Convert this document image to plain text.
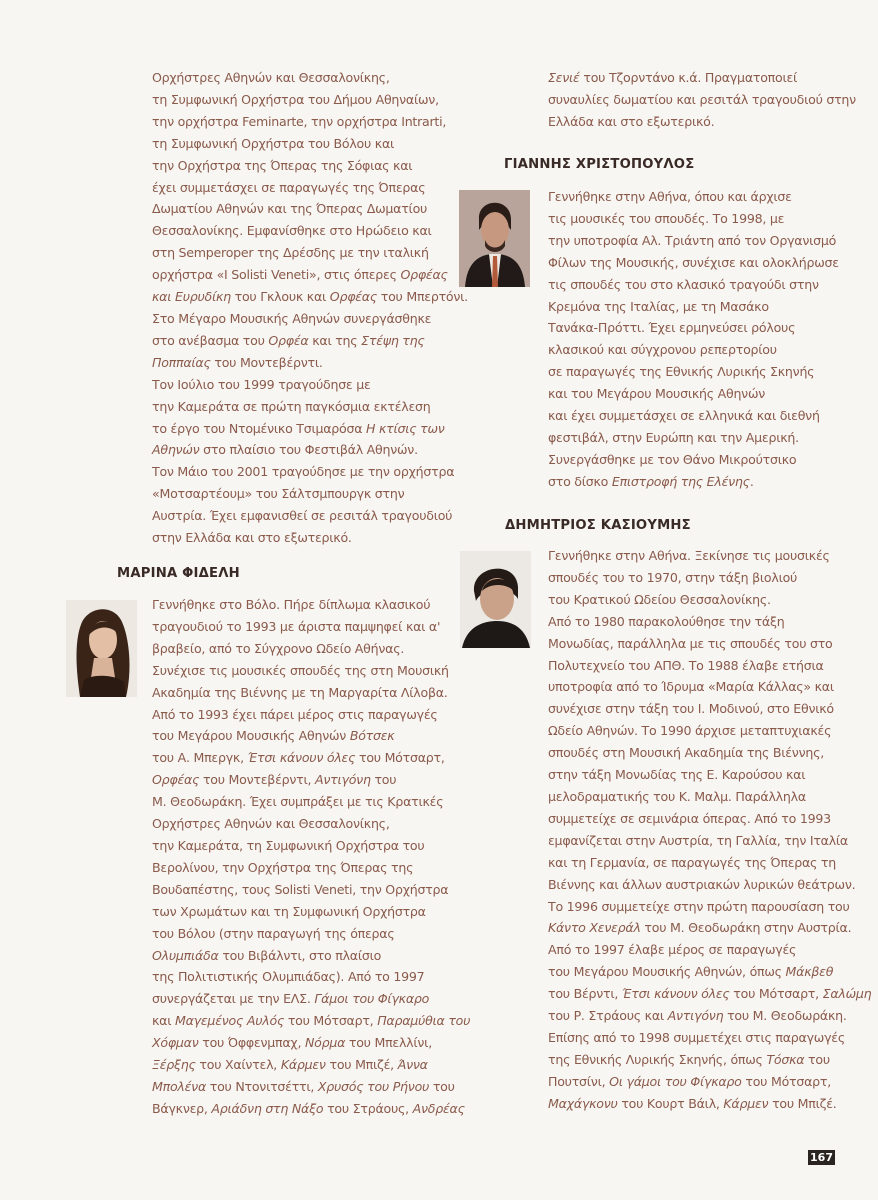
Ορχήστρες Αθηνών και Θεσσαλονίκης,
τη Συμφωνική Ορχήστρα του Δήμου Αθηναίων,
την ορχήστρα Feminarte, την ορχήστρα Intrarti,
τη Συμφωνική Ορχήστρα του Βόλου και
την Ορχήστρα της Όπερας της Σόφιας και
έχει συμμετάσχει σε παραγωγές της Όπερας
Δωματίου Αθηνών και της Όπερας Δωματίου
Θεσσαλονίκης. Εμφανίσθηκε στο Ηρώδειο και
στη Semperoper της Δρέσδης με την ιταλική
ορχήστρα «I Solisti Veneti», στις όπερες Ορφέας
και Ευρυδίκη του Γκλουκ και Ορφέας του Μπερτόνι.
Στο Μέγαρο Μουσικής Αθηνών συνεργάσθηκε
στο ανέβασμα του Ορφέα και της Στέψη της
Ποππαίας του Μοντεβέρντι.
Τον Ιούλιο του 1999 τραγούδησε με
την Καμεράτα σε πρώτη παγκόσμια εκτέλεση
το έργο του Ντομένικο Τσιμαρόσα Η κτίσις των
Αθηνών στο πλαίσιο του Φεστιβάλ Αθηνών.
Τον Μάιο του 2001 τραγούδησε με την ορχήστρα
«Μοτσαρτέουμ» του Σάλτσμπουργκ στην
Αυστρία. Έχει εμφανισθεί σε ρεσιτάλ τραγουδιού
στην Ελλάδα και στο εξωτερικό.
ΜΑΡΙΝΑ ΦΙΔΕΛΗ
Γεννήθηκε στο Βόλο. Πήρε δίπλωμα κλασικού
τραγουδιού το 1993 με άριστα παμψηφεί και α'
βραβείο, από το Σύγχρονο Ωδείο Αθήνας.
Συνέχισε τις μουσικές σπουδές της στη Μουσική
Ακαδημία της Βιέννης με τη Μαργαρίτα Λίλοβα.
Από το 1993 έχει πάρει μέρος στις παραγωγές
του Μεγάρου Μουσικής Αθηνών Βότσεκ
του Α. Μπεργκ, Έτσι κάνουν όλες του Μότσαρτ,
Ορφέας του Μοντεβέρντι, Αντιγόνη του
Μ. Θεοδωράκη. Έχει συμπράξει με τις Κρατικές
Ορχήστρες Αθηνών και Θεσσαλονίκης,
την Καμεράτα, τη Συμφωνική Ορχήστρα του
Βερολίνου, την Ορχήστρα της Όπερας της
Βουδαπέστης, τους Solisti Veneti, την Ορχήστρα
των Χρωμάτων και τη Συμφωνική Ορχήστρα
του Βόλου (στην παραγωγή της όπερας
Ολυμπιάδα του Βιβάλντι, στο πλαίσιο
της Πολιτιστικής Ολυμπιάδας). Από το 1997
συνεργάζεται με την ΕΛΣ. Γάμοι του Φίγκαρο
και Μαγεμένος Αυλός του Μότσαρτ, Παραμύθια του
Χόφμαν του Όφφενμπαχ, Νόρμα του Μπελλίνι,
Ξέρξης του Χαίντελ, Κάρμεν του Μπιζέ, Άννα
Μπολένα του Ντονιτσέττι, Χρυσός του Ρήνου του
Βάγκνερ, Αριάδνη στη Νάξο του Στράους, Ανδρέας
Σενιέ του Τζορντάνο κ.ά. Πραγματοποιεί
συναυλίες δωματίου και ρεσιτάλ τραγουδιού στην
Ελλάδα και στο εξωτερικό.
ΓΙΑΝΝΗΣ ΧΡΙΣΤΟΠΟΥΛΟΣ
Γεννήθηκε στην Αθήνα, όπου και άρχισε
τις μουσικές του σπουδές. Το 1998, με
την υποτροφία Αλ. Τριάντη από τον Οργανισμό
Φίλων της Μουσικής, συνέχισε και ολοκλήρωσε
τις σπουδές του στο κλασικό τραγούδι στην
Κρεμόνα της Ιταλίας, με τη Μασάκο
Τανάκα-Πρόττι. Έχει ερμηνεύσει ρόλους
κλασικού και σύγχρονου ρεπερτορίου
σε παραγωγές της Εθνικής Λυρικής Σκηνής
και του Μεγάρου Μουσικής Αθηνών
και έχει συμμετάσχει σε ελληνικά και διεθνή
φεστιβάλ, στην Ευρώπη και την Αμερική.
Συνεργάσθηκε με τον Θάνο Μικρούτσικο
στο δίσκο Επιστροφή της Ελένης.
ΔΗΜΗΤΡΙΟΣ ΚΑΣΙΟΥΜΗΣ
Γεννήθηκε στην Αθήνα. Ξεκίνησε τις μουσικές
σπουδές του το 1970, στην τάξη βιολιού
του Κρατικού Ωδείου Θεσσαλονίκης.
Από το 1980 παρακολούθησε την τάξη
Μονωδίας, παράλληλα με τις σπουδές του στο
Πολυτεχνείο του ΑΠΘ. Το 1988 έλαβε ετήσια
υποτροφία από το Ίδρυμα «Μαρία Κάλλας» και
συνέχισε στην τάξη του Ι. Μοδινού, στο Εθνικό
Ωδείο Αθηνών. Το 1990 άρχισε μεταπτυχιακές
σπουδές στη Μουσική Ακαδημία της Βιέννης,
στην τάξη Μονωδίας της Ε. Καρούσου και
μελοδραματικής του Κ. Μαλμ. Παράλληλα
συμμετείχε σε σεμινάρια όπερας. Από το 1993
εμφανίζεται στην Αυστρία, τη Γαλλία, την Ιταλία
και τη Γερμανία, σε παραγωγές της Όπερας τη
Βιέννης και άλλων αυστριακών λυρικών θεάτρων.
Το 1996 συμμετείχε στην πρώτη παρουσίαση του
Κάντο Χενεράλ του Μ. Θεοδωράκη στην Αυστρία.
Από το 1997 έλαβε μέρος σε παραγωγές
του Μεγάρου Μουσικής Αθηνών, όπως Μάκβεθ
του Βέρντι, Έτσι κάνουν όλες του Μότσαρτ, Σαλώμη
του Ρ. Στράους και Αντιγόνη του Μ. Θεοδωράκη.
Επίσης από το 1998 συμμετέχει στις παραγωγές
της Εθνικής Λυρικής Σκηνής, όπως Τόσκα του
Πουτσίνι, Οι γάμοι του Φίγκαρο του Μότσαρτ,
Μαχάγκονυ του Κουρτ Βάιλ, Κάρμεν του Μπιζέ.
167
